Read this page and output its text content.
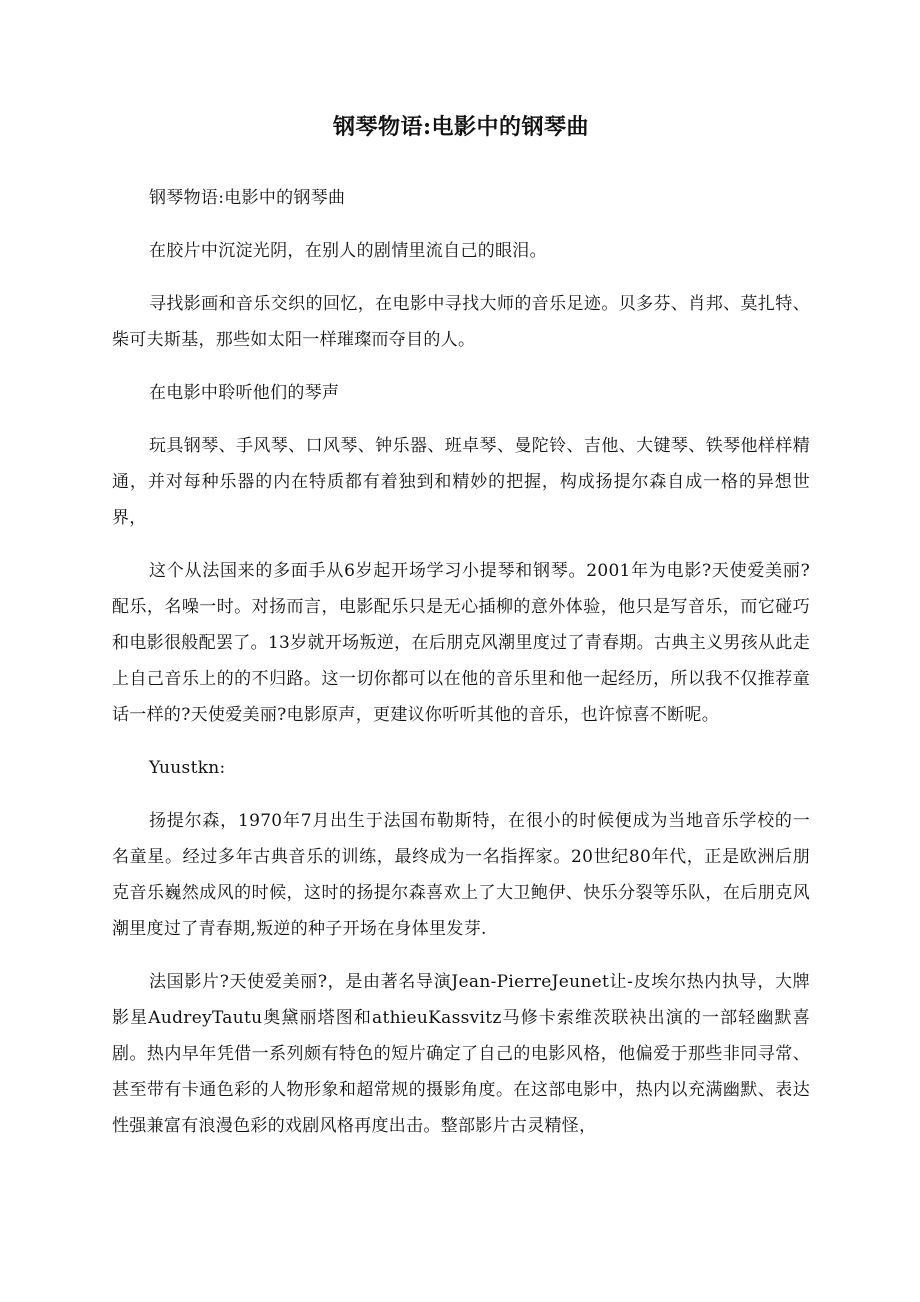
钢琴物语:电影中的钢琴曲

钢琴物语:电影中的钢琴曲

在胶片中沉淀光阴，在别人的剧情里流自己的眼泪。

寻找影画和音乐交织的回忆，在电影中寻找大师的音乐足迹。贝多芬、肖邦、莫扎特、柴可夫斯基，那些如太阳一样璀璨而夺目的人。

在电影中聆听他们的琴声

玩具钢琴、手风琴、口风琴、钟乐器、班卓琴、曼陀铃、吉他、大键琴、铁琴他样样精通，并对每种乐器的内在特质都有着独到和精妙的把握，构成扬提尔森自成一格的异想世界，

这个从法国来的多面手从6岁起开场学习小提琴和钢琴。2001年为电影?天使爱美丽?配乐，名噪一时。对扬而言，电影配乐只是无心插柳的意外体验，他只是写音乐，而它碰巧和电影很般配罢了。13岁就开场叛逆，在后朋克风潮里度过了青春期。古典主义男孩从此走上自己音乐上的的不归路。这一切你都可以在他的音乐里和他一起经历，所以我不仅推荐童话一样的?天使爱美丽?电影原声，更建议你听听其他的音乐，也许惊喜不断呢。

Yuustkn:

扬提尔森，1970年7月出生于法国布勒斯特，在很小的时候便成为当地音乐学校的一名童星。经过多年古典音乐的训练，最终成为一名指挥家。20世纪80年代，正是欧洲后朋克音乐巍然成风的时候，这时的扬提尔森喜欢上了大卫鲍伊、快乐分裂等乐队，在后朋克风潮里度过了青春期,叛逆的种子开场在身体里发芽.

法国影片?天使爱美丽?，是由著名导演Jean-PierreJeunet让-皮埃尔热内执导，大牌影星AudreyTautu奥黛丽塔图和athieuKassvitz马修卡索维茨联袂出演的一部轻幽默喜剧。热内早年凭借一系列颇有特色的短片确定了自己的电影风格，他偏爱于那些非同寻常、甚至带有卡通色彩的人物形象和超常规的摄影角度。在这部电影中，热内以充满幽默、表达性强兼富有浪漫色彩的戏剧风格再度出击。整部影片古灵精怪，
